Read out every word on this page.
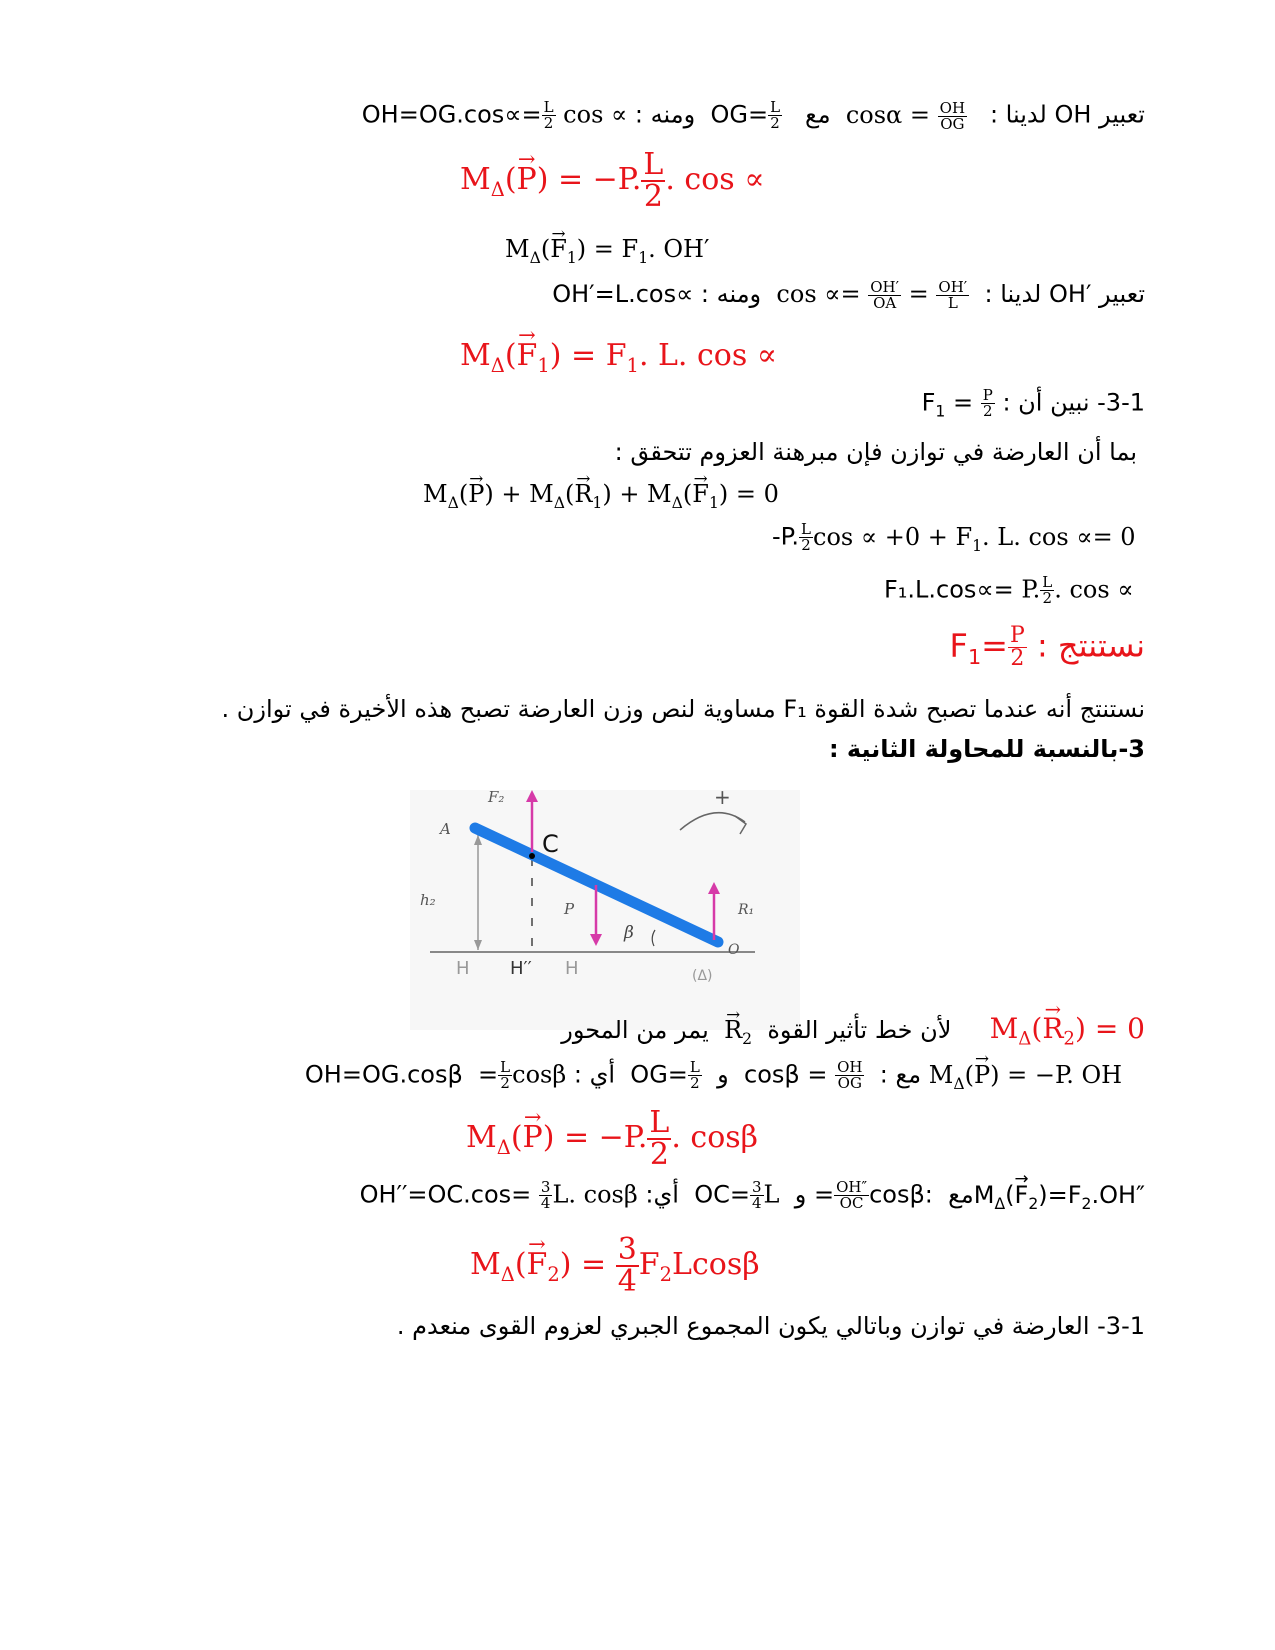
تعبير OH لدينا :  $\cos\alpha = \frac{OH}{OG}$
مع  $OG= \frac{L}{2}$
ومنه :   $OH=OG.\cos\propto= \frac{L}{2}$ cos ∝
$M_\Delta(\to P) = -P$. $\frac{L}{2}$ . cos ∝
$M_\Delta(\to F_1) = F_1$. OH′
تعبير ′OH لدينا :  $\cos \propto= \frac{OH'}{OA} = \frac{OH'}{L}$
ومنه :    OH′=L.cos∝
$M_\Delta(\to F_1) = F_1$. L. cos ∝
3-1- نبين أن :  $F_1 = \frac{P}{2}$
بما أن العارضة في توازن فإن مبرهنة العزوم تتحقق :
$M_\Delta(\to P) + M_\Delta(\to R_1) + M_\Delta(\to F_1) = 0$
-P. $\frac{L}{2}$ $\cos \propto +0 + F_1$. L. cos ∝= 0
F₁.L.cos∝= P. $\frac{L}{2}$ . cos ∝
نستنتج : $F_1= \frac{P}{2}$
نستنتج أنه عندما تصبح شدة القوة F₁ مساوية لنص وزن العارضة تصبح هذه الأخيرة في توازن .
3-بالنسبة للمحاولة الثانية :
A
C
O
h₂	P
β
F₂
R₁
H H′′ H	(Δ)
+
$M_\Delta(\to R_2) = 0$     لأن خط تأثير القوة  → $R_2$  يمر من المحور
$M_\Delta(\to P) = -P$. OH    مع :  $\cos\beta = \frac{OH}{OG}$
و  $OG= \frac{L}{2}$
أي :   $OH=OG.\cos\beta = \frac{L}{2}$ cosβ
$M_\Delta(\to P) = -P$. $\frac{L}{2}$ . cosβ
$M_\Delta(\to$ $F_2)=F_2.OH''مع = \frac{OH''}{OC} \cos\beta$:  و  $OC= \frac{3}{4}$ L  أي:  $OH''=OC.\cos= \frac{3}{4} L$. cosβ
$M_\Delta(\to F_2) = \frac{3}{4} F_2Lcos\beta$
3-1- العارضة في توازن وباتالي يكون المجموع الجبري لعزوم القوى منعدم .
